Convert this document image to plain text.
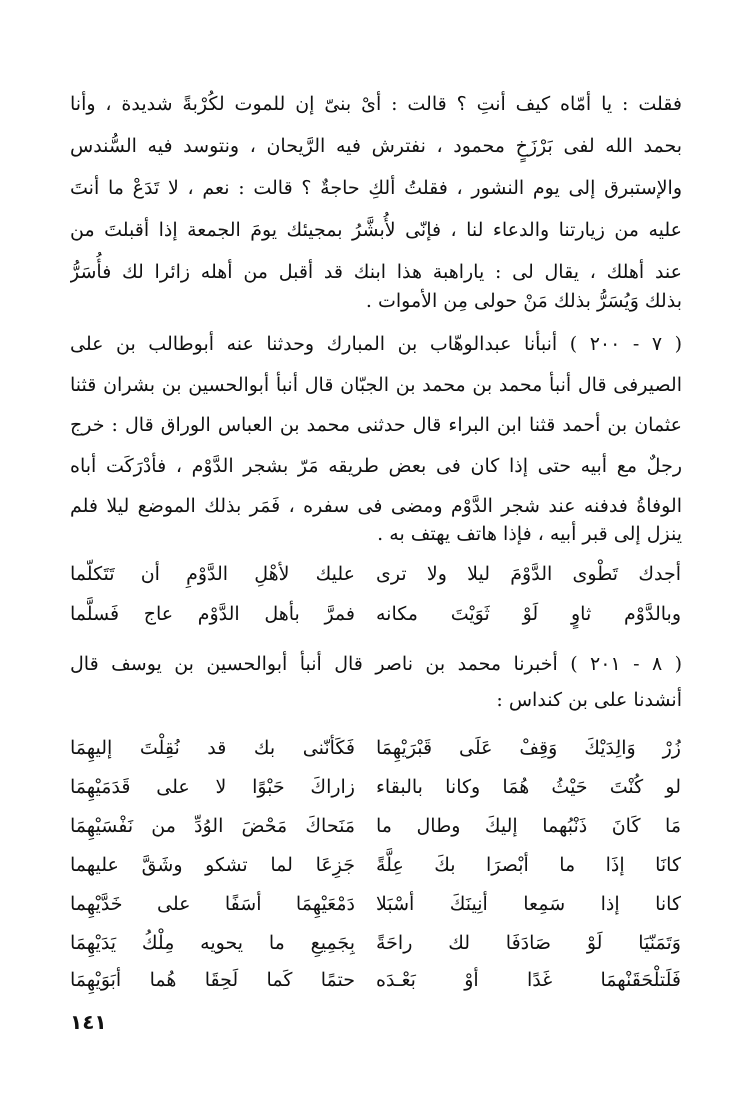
فقلت : يا أمّاه كيف أنتِ ؟ قالت : أىْ بنىّ إن للموت لكُرْبةً شديدة ، وأنا
بحمد الله لفى بَرْزَخٍ محمود ، نفترش فيه الرَّيحان ، ونتوسد فيه السُّندس
والإستبرق إلى يوم النشور ، فقلتُ ألكِ حاجةٌ ؟ قالت : نعم ، لا تَدَعْ ما أنتَ
عليه من زيارتنا والدعاء لنا ، فإنّى لأُبشَّرُ بمجيئك يومَ الجمعة إذا أقبلتَ من
عند أهلك ، يقال لى : ياراهبة هذا ابنك قد أقبل من أهله زائرا لك فأُسَرُّ
بذلك وَيُسَرُّ بذلك مَنْ حولى مِن الأموات .
( ٧ - ٢٠٠ ) أنبأنا عبدالوهّاب بن المبارك وحدثنا عنه أبوطالب بن على
الصيرفى قال أنبأ محمد بن محمد بن الجبّان قال أنبأ أبوالحسين بن بشران قثنا
عثمان بن أحمد قثنا ابن البراء قال حدثنى محمد بن العباس الوراق قال : خرج
رجلٌ مع أبيه حتى إذا كان فى بعض طريقه مَرّ بشجر الدَّوْم ، فأدْرَكَت أباه
الوفاةُ فدفنه عند شجر الدَّوْم ومضى فى سفره ، فَمَر بذلك الموضع ليلا فلم
ينزل إلى قبر أبيه ، فإذا هاتف يهتف به .
أجدك تَطْوى الدَّوْمَ ليلا ولا ترى
عليك لأهْلِ الدَّوْمِ أن تَتَكلّما
وبالدَّوْم ثاوٍ لَوْ ثَوَيْتَ مكانه
فمرَّ بأهل الدَّوْم عاج فَسلَّما
( ٨ - ٢٠١ ) أخبرنا محمد بن ناصر قال أنبأ أبوالحسين بن يوسف قال
أنشدنا على بن كنداس :
زُرْ وَالِدَيْكَ وَقِفْ عَلَى قَبْرَيْهِمَا
فَكَأنّنى بك قد نُقِلْتَ إليهِمَا
لو كُنْتَ حَيْثُ هُمَا وكانا بالبقاء
زاراكَ حَبْوًا لا على قَدَمَيْهِمَا
مَا كَانَ ذَنْبُهما إليكَ وطال ما
مَنَحاكَ مَحْضَ الوُدِّ من نَفْسَيْهِمَا
كانَا إذَا ما أبْصرَا بكَ عِلَّةً
جَزِعَا لما تشكو وشَقَّ عليهما
كانا إذا سَمِعا أنِينَكَ أسْبَلا
دَمْعَيْهِمَا أسَفًا على خَدَّيْهِما
وَتَمَنّيَا لَوْ صَادَفَا لك راحَةً
بِجَمِيعِ ما يحويه مِلْكُ يَدَيْهِمَا
فَلَتلْحَقَنْهمَا غَدًا أوْ بَعْـدَه
حتمًا كَما لَحِقَا هُما أبَوَيْهِمَا
١٤١
